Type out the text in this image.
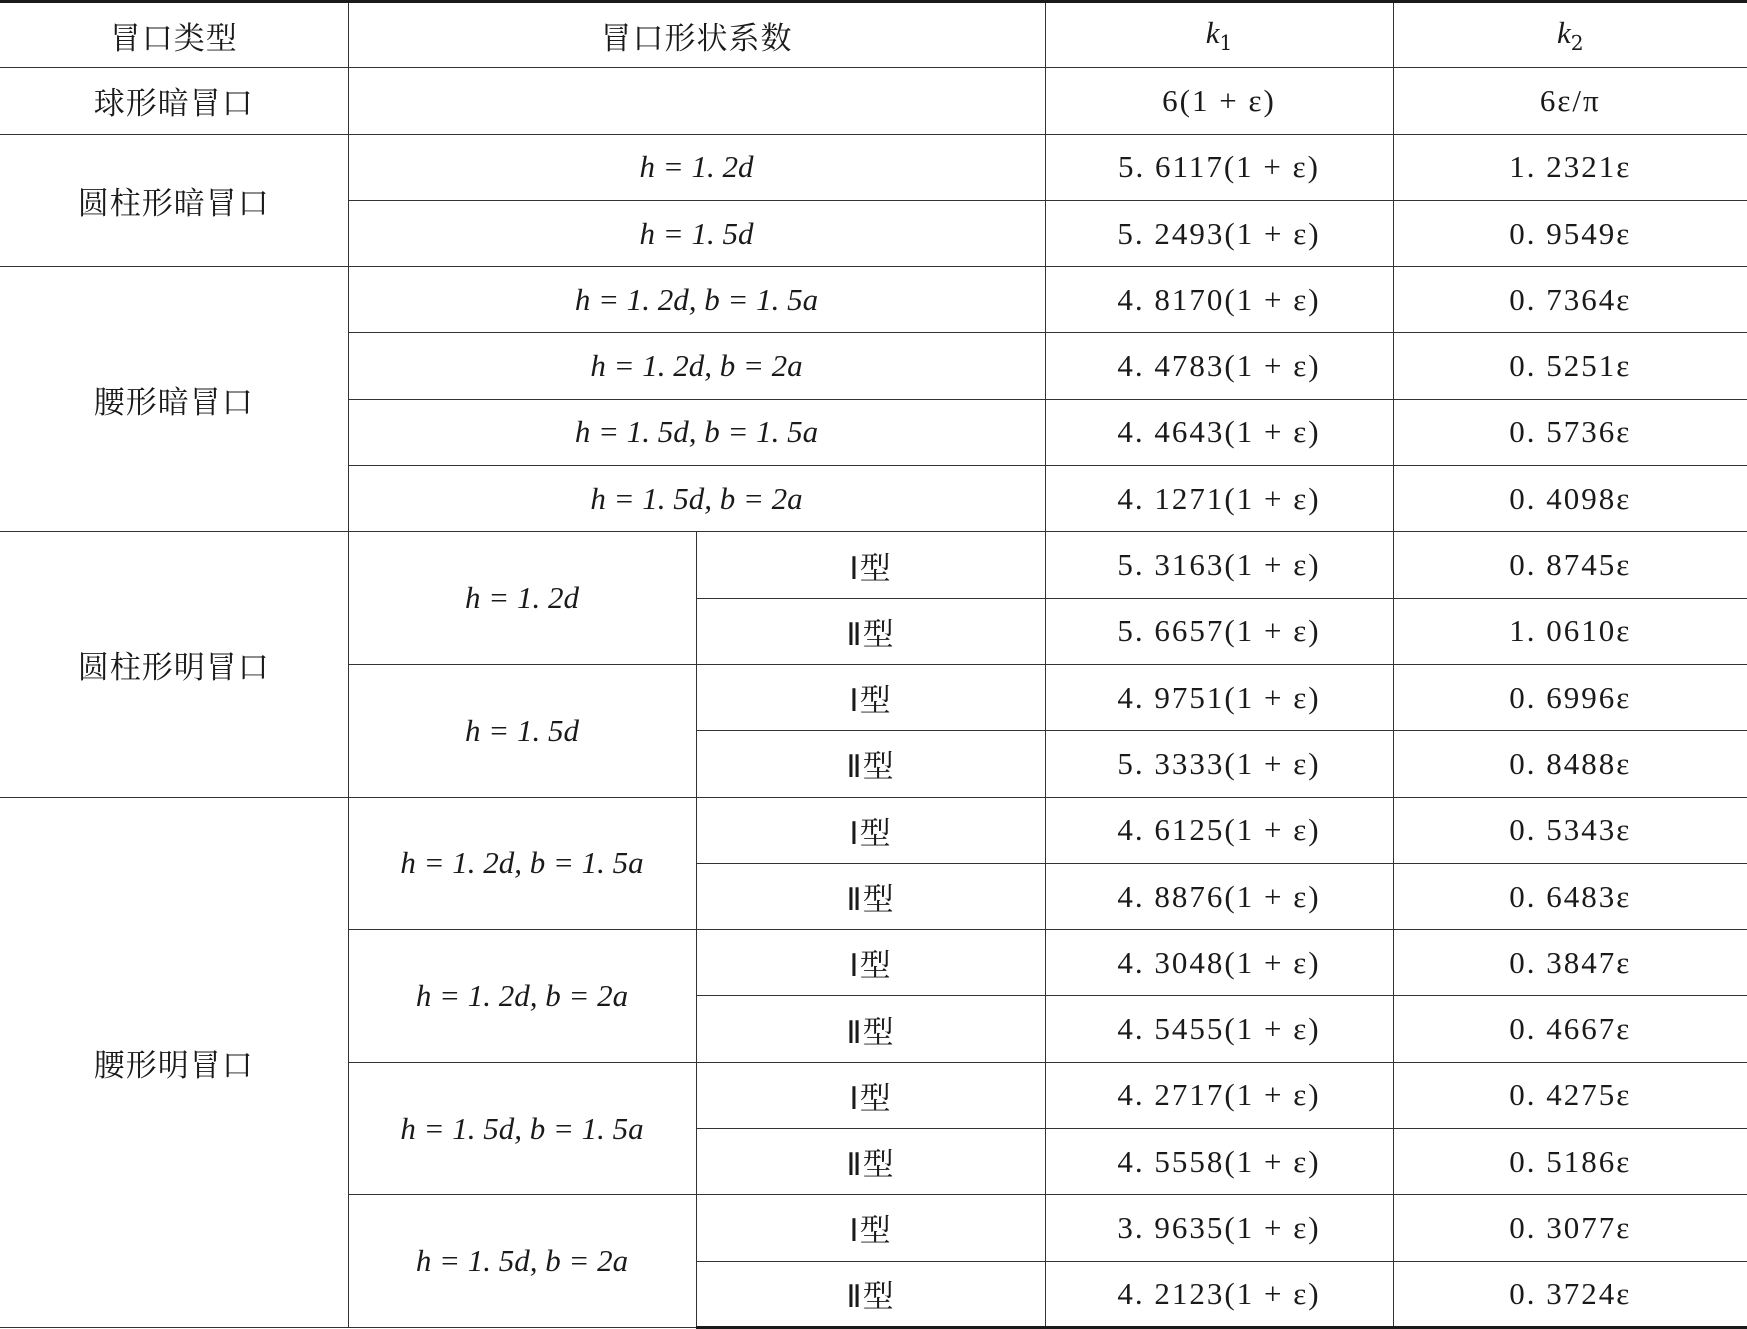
冒口类型	冒口形状系数		$k_1$	$k_2$
球形暗冒口			6(1 + ε)	6ε/π
圆柱形暗冒口	h = 1. 2d		5. 6117(1 + ε)	1. 2321ε
	h = 1. 5d		5. 2493(1 + ε)	0. 9549ε
腰形暗冒口	h = 1. 2d, b = 1. 5a		4. 8170(1 + ε)	0. 7364ε
	h = 1. 2d, b = 2a		4. 4783(1 + ε)	0. 5251ε
	h = 1. 5d, b = 1. 5a		4. 4643(1 + ε)	0. 5736ε
	h = 1. 5d, b = 2a		4. 1271(1 + ε)	0. 4098ε
圆柱形明冒口	h = 1. 2d	Ⅰ型	5. 3163(1 + ε)	0. 8745ε
		Ⅱ型	5. 6657(1 + ε)	1. 0610ε
	h = 1. 5d	Ⅰ型	4. 9751(1 + ε)	0. 6996ε
		Ⅱ型	5. 3333(1 + ε)	0. 8488ε
腰形明冒口	h = 1. 2d, b = 1. 5a	Ⅰ型	4. 6125(1 + ε)	0. 5343ε
		Ⅱ型	4. 8876(1 + ε)	0. 6483ε
	h = 1. 2d, b = 2a	Ⅰ型	4. 3048(1 + ε)	0. 3847ε
		Ⅱ型	4. 5455(1 + ε)	0. 4667ε
	h = 1. 5d, b = 1. 5a	Ⅰ型	4. 2717(1 + ε)	0. 4275ε
		Ⅱ型	4. 5558(1 + ε)	0. 5186ε
	h = 1. 5d, b = 2a	Ⅰ型	3. 9635(1 + ε)	0. 3077ε
		Ⅱ型	4. 2123(1 + ε)	0. 3724ε
